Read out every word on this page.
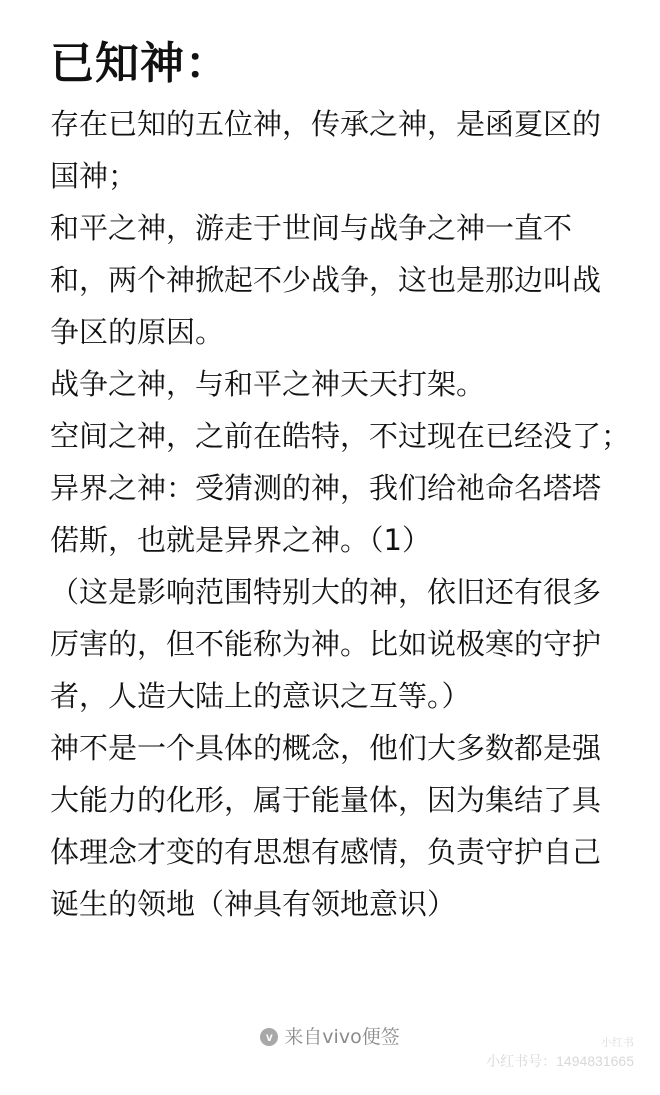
已知神：
存在已知的五位神，传承之神，是函夏区的
国神；
和平之神，游走于世间与战争之神一直不
和，两个神掀起不少战争，这也是那边叫战
争区的原因。
战争之神，与和平之神天天打架。
空间之神，之前在皓特，不过现在已经没了；
异界之神：受猜测的神，我们给祂命名塔塔
偌斯，也就是异界之神。（1）
（这是影响范围特别大的神，依旧还有很多
厉害的，但不能称为神。比如说极寒的守护
者，人造大陆上的意识之互等。）
神不是一个具体的概念，他们大多数都是强
大能力的化形，属于能量体，因为集结了具
体理念才变的有思想有感情，负责守护自己
诞生的领地（神具有领地意识）
v 来自vivo便签	小红书
小红书号：1494831665
